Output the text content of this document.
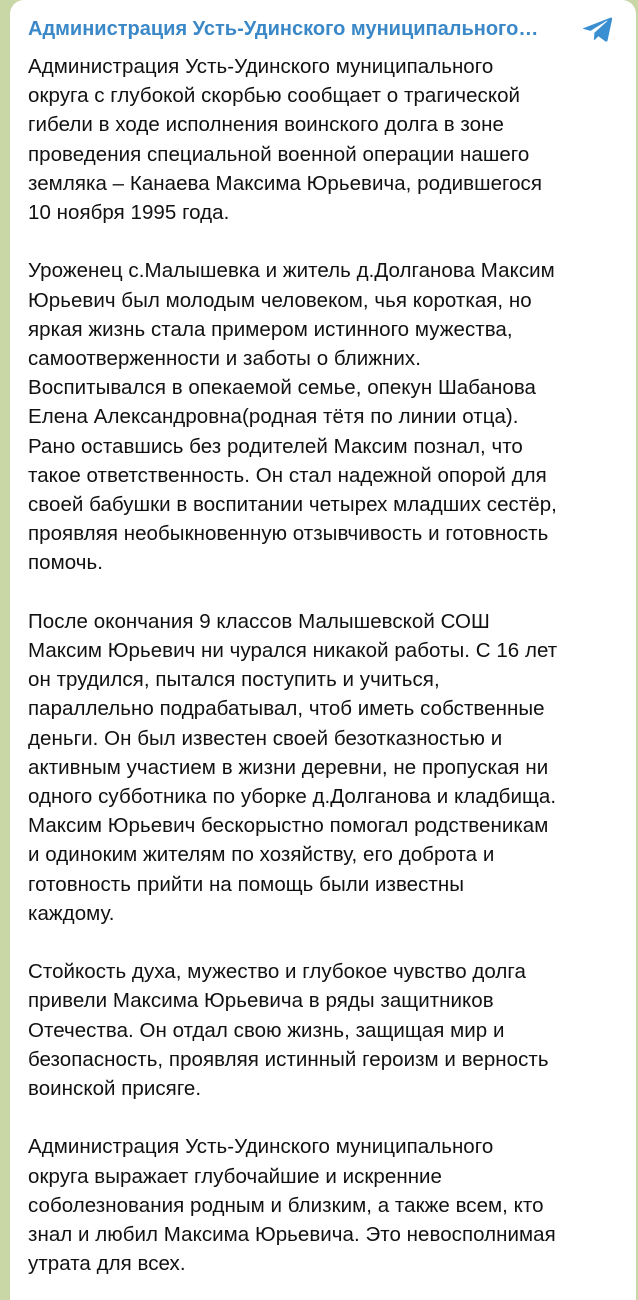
Администрация Усть-Удинского муниципального…

Администрация Усть-Удинского муниципального
округа с глубокой скорбью сообщает о трагической
гибели в ходе исполнения воинского долга в зоне
проведения специальной военной операции нашего
земляка – Канаева Максима Юрьевича, родившегося
10 ноября 1995 года.

Уроженец с.Малышевка и житель д.Долганова Максим
Юрьевич был молодым человеком, чья короткая, но
яркая жизнь стала примером истинного мужества,
самоотверженности и заботы о ближних.
Воспитывался в опекаемой семье, опекун Шабанова
Елена Александровна(родная тётя по линии отца).
Рано оставшись без родителей Максим познал, что
такое ответственность. Он стал надежной опорой для
своей бабушки в воспитании четырех младших сестёр,
проявляя необыкновенную отзывчивость и готовность
помочь.

После окончания 9 классов Малышевской СОШ
Максим Юрьевич ни чурался никакой работы. С 16 лет
он трудился, пытался поступить и учиться,
параллельно подрабатывал, чтоб иметь собственные
деньги. Он был известен своей безотказностью и
активным участием в жизни деревни, не пропуская ни
одного субботника по уборке д.Долганова и кладбища.
Максим Юрьевич бескорыстно помогал родственикам
и одиноким жителям по хозяйству, его доброта и
готовность прийти на помощь были известны
каждому.

Стойкость духа, мужество и глубокое чувство долга
привели Максима Юрьевича в ряды защитников
Отечества. Он отдал свою жизнь, защищая мир и
безопасность, проявляя истинный героизм и верность
воинской присяге.

Администрация Усть-Удинского муниципального
округа выражает глубочайшие и искренние
соболезнования родным и близким, а также всем, кто
знал и любил Максима Юрьевича. Это невосполнимая
утрата для всех.
